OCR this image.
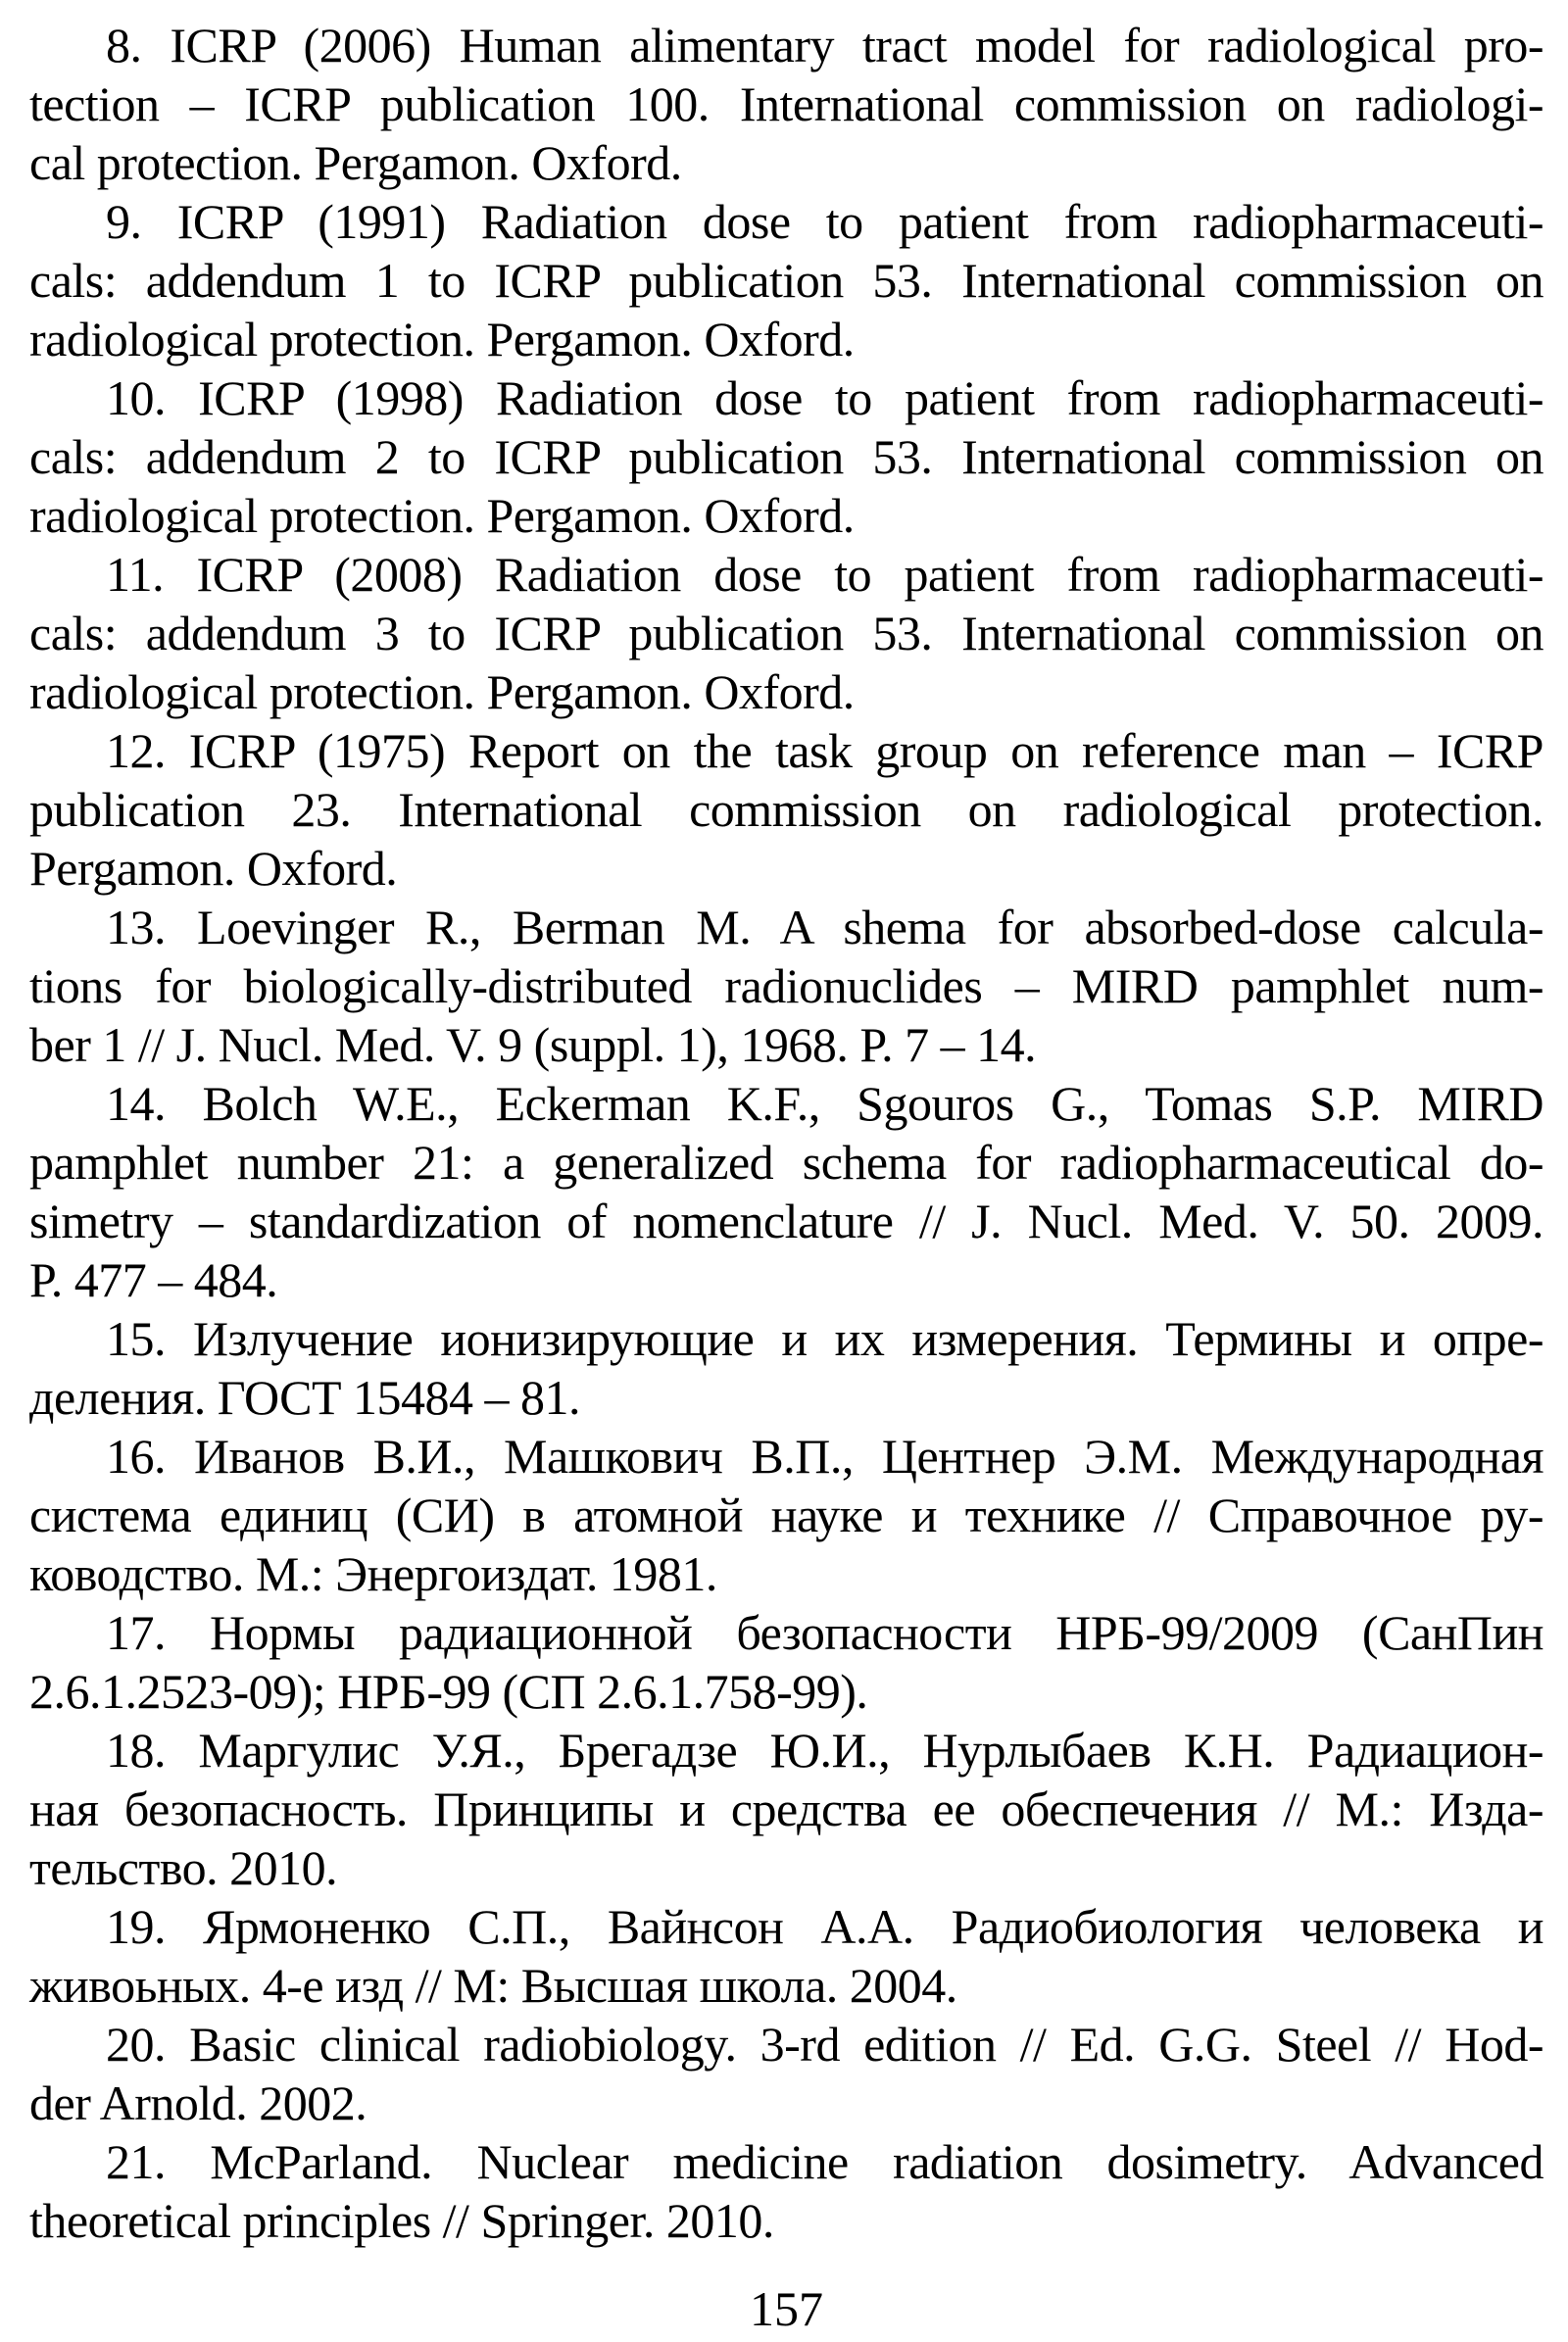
8. ICRP (2006) Human alimentary tract model for radiological pro-
tection – ICRP publication 100. International commission on radiologi-
cal protection. Pergamon. Oxford.
9. ICRP (1991) Radiation dose to patient from radiopharmaceuti-
cals: addendum 1 to ICRP publication 53. International commission on
radiological protection. Pergamon. Oxford.
10. ICRP (1998) Radiation dose to patient from radiopharmaceuti-
cals: addendum 2 to ICRP publication 53. International commission on
radiological protection. Pergamon. Oxford.
11. ICRP (2008) Radiation dose to patient from radiopharmaceuti-
cals: addendum 3 to ICRP publication 53. International commission on
radiological protection. Pergamon. Oxford.
12. ICRP (1975) Report on the task group on reference man – ICRP
publication 23. International commission on radiological protection.
Pergamon. Oxford.
13. Loevinger R., Berman M. A shema for absorbed-dose calcula-
tions for biologically-distributed radionuclides – MIRD pamphlet num-
ber 1 // J. Nucl. Med. V. 9 (suppl. 1), 1968. P. 7 – 14.
14. Bolch W.E., Eckerman K.F., Sgouros G., Tomas S.P. MIRD
pamphlet number 21: a generalized schema for radiopharmaceutical do-
simetry – standardization of nomenclature // J. Nucl. Med. V. 50. 2009.
P. 477 – 484.
15. Излучение ионизирующие и их измерения. Термины и опре-
деления. ГОСТ 15484 – 81.
16. Иванов В.И., Машкович В.П., Центнер Э.М. Международная
система единиц (СИ) в атомной науке и технике // Справочное ру-
ководство. М.: Энергоиздат. 1981.
17. Нормы радиационной безопасности НРБ-99/2009 (СанПин
2.6.1.2523-09); НРБ-99 (СП 2.6.1.758-99).
18. Маргулис У.Я., Брегадзе Ю.И., Нурлыбаев К.Н. Радиацион-
ная безопасность. Принципы и средства ее обеспечения // М.: Изда-
тельство. 2010.
19. Ярмоненко С.П., Вайнсон А.А. Радиобиология человека и
живоьных. 4-е изд // М: Высшая школа. 2004.
20. Basic clinical radiobiology. 3-rd edition // Ed. G.G. Steel // Hod-
der Arnold. 2002.
21. McParland. Nuclear medicine radiation dosimetry. Advanced
theoretical principles // Springer. 2010.
157
